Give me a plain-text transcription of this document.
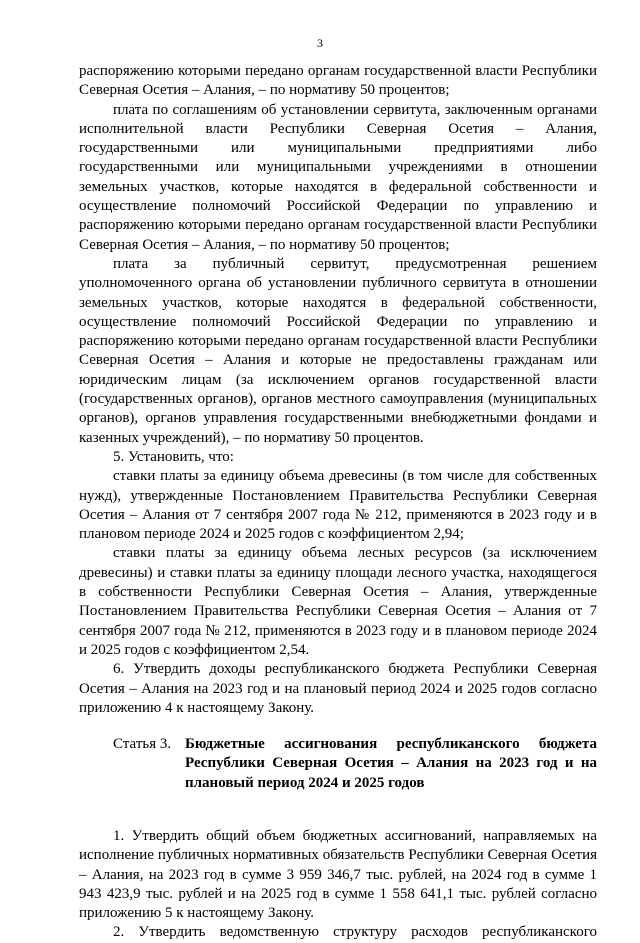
3

распоряжению которыми передано органам государственной власти Республики Северная Осетия – Алания, – по нормативу 50 процентов;

плата по соглашениям об установлении сервитута, заключенным органами исполнительной власти Республики Северная Осетия – Алания, государственными или муниципальными предприятиями либо государственными или муниципальными учреждениями в отношении земельных участков, которые находятся в федеральной собственности и осуществление полномочий Российской Федерации по управлению и распоряжению которыми передано органам государственной власти Республики Северная Осетия – Алания, – по нормативу 50 процентов;

плата за публичный сервитут, предусмотренная решением уполномоченного органа об установлении публичного сервитута в отношении земельных участков, которые находятся в федеральной собственности, осуществление полномочий Российской Федерации по управлению и распоряжению которыми передано органам государственной власти Республики Северная Осетия – Алания и которые не предоставлены гражданам или юридическим лицам (за исключением органов государственной власти (государственных органов), органов местного самоуправления (муниципальных органов), органов управления государственными внебюджетными фондами и казенных учреждений), – по нормативу 50 процентов.

5. Установить, что:

ставки платы за единицу объема древесины (в том числе для собственных нужд), утвержденные Постановлением Правительства Республики Северная Осетия – Алания от 7 сентября 2007 года № 212, применяются в 2023 году и в плановом периоде 2024 и 2025 годов с коэффициентом 2,94;

ставки платы за единицу объема лесных ресурсов (за исключением древесины) и ставки платы за единицу площади лесного участка, находящегося в собственности Республики Северная Осетия – Алания, утвержденные Постановлением Правительства Республики Северная Осетия – Алания от 7 сентября 2007 года № 212, применяются в 2023 году и в плановом периоде 2024 и 2025 годов с коэффициентом 2,54.

6. Утвердить доходы республиканского бюджета Республики Северная Осетия – Алания на 2023 год и на плановый период 2024 и 2025 годов согласно приложению 4 к настоящему Закону.

Статья 3. Бюджетные ассигнования республиканского бюджета Республики Северная Осетия – Алания на 2023 год и на плановый период 2024 и 2025 годов

1. Утвердить общий объем бюджетных ассигнований, направляемых на исполнение публичных нормативных обязательств Республики Северная Осетия – Алания, на 2023 год в сумме 3 959 346,7 тыс. рублей, на 2024 год в сумме 1 943 423,9 тыс. рублей и на 2025 год в сумме 1 558 641,1 тыс. рублей согласно приложению 5 к настоящему Закону.

2. Утвердить ведомственную структуру расходов республиканского
